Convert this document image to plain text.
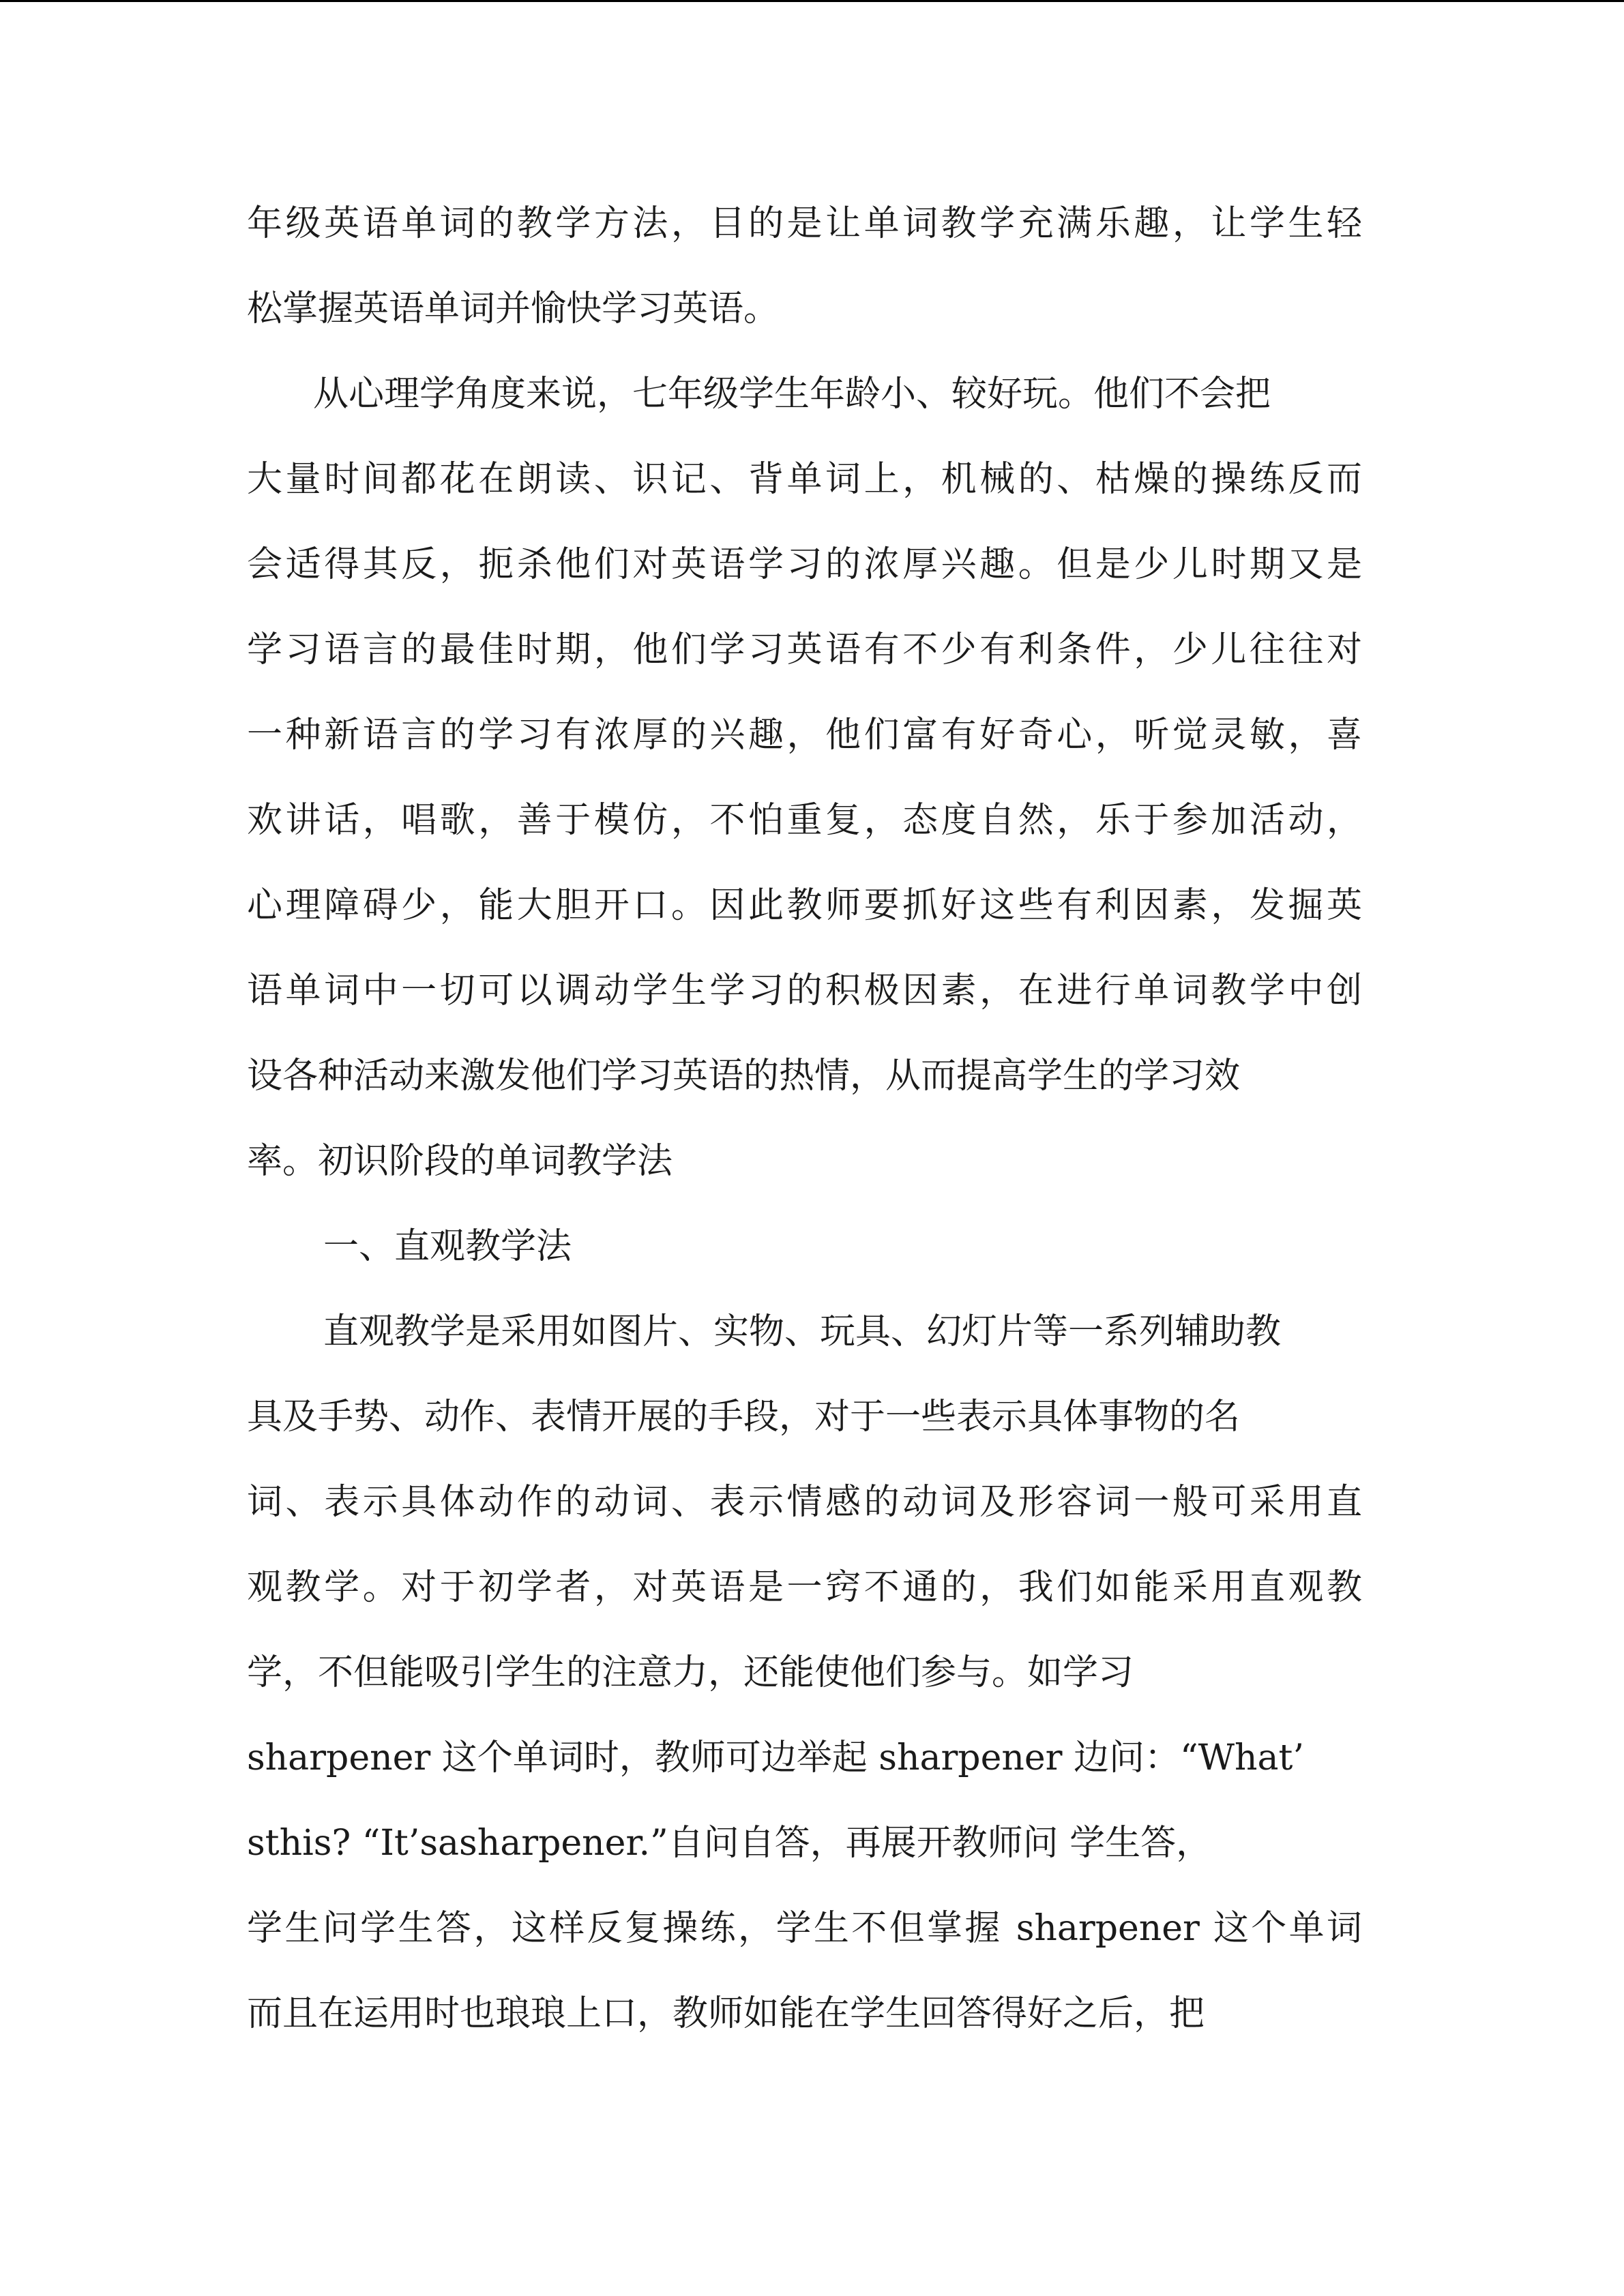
年级英语单词的教学方法，目的是让单词教学充满乐趣，让学生轻
松掌握英语单词并愉快学习英语。
从心理学角度来说，七年级学生年龄小、较好玩。他们不会把
大量时间都花在朗读、识记、背单词上，机械的、枯燥的操练反而
会适得其反，扼杀他们对英语学习的浓厚兴趣。但是少儿时期又是
学习语言的最佳时期，他们学习英语有不少有利条件，少儿往往对
一种新语言的学习有浓厚的兴趣，他们富有好奇心，听觉灵敏，喜
欢讲话，唱歌，善于模仿，不怕重复，态度自然，乐于参加活动，
心理障碍少，能大胆开口。因此教师要抓好这些有利因素，发掘英
语单词中一切可以调动学生学习的积极因素，在进行单词教学中创
设各种活动来激发他们学习英语的热情，从而提高学生的学习效
率。初识阶段的单词教学法
一、直观教学法
直观教学是采用如图片、实物、玩具、幻灯片等一系列辅助教
具及手势、动作、表情开展的手段，对于一些表示具体事物的名
词、表示具体动作的动词、表示情感的动词及形容词一般可采用直
观教学。对于初学者，对英语是一窍不通的，我们如能采用直观教
学，不但能吸引学生的注意力，还能使他们参与。如学习
sharpener 这个单词时，教师可边举起 sharpener 边问：“What’
sthis? “It’sasharpener.”自问自答，再展开教师问 学生答，
学生问学生答，这样反复操练，学生不但掌握 sharpener 这个单词
而且在运用时也琅琅上口，教师如能在学生回答得好之后，把
